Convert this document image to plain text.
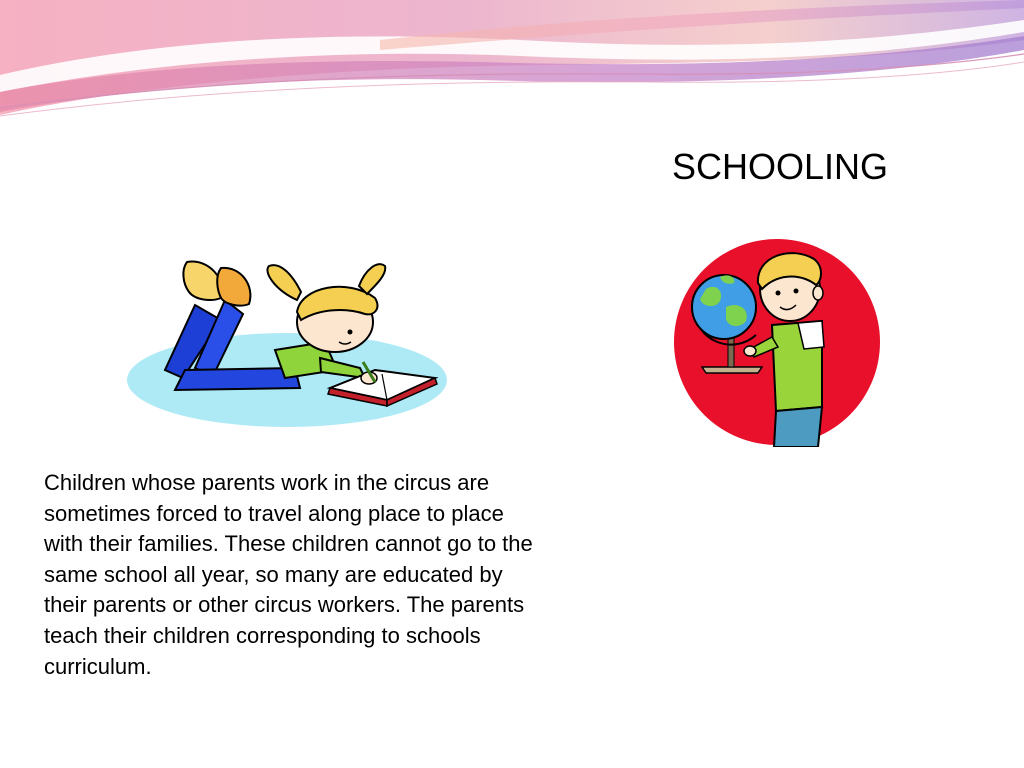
SCHOOLING

Children whose parents work in the circus are sometimes forced to travel along place to place with their families. These children cannot go to the same school all year, so many are educated by their parents or other circus workers. The parents teach their children corresponding to schools curriculum.
